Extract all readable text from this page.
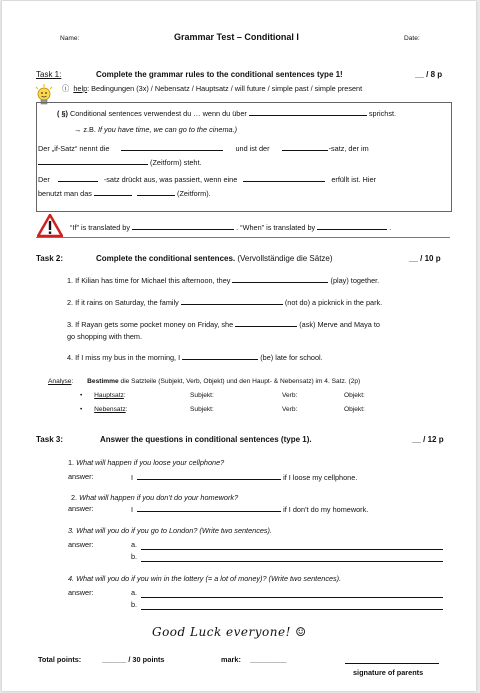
Name:	Grammar Test – Conditional I	Date:
Task 1:	Complete the grammar rules to the conditional sentences type 1!	__ / 8 p
ⓘ help: Bedingungen (3x) / Nebensatz / Hauptsatz / will future / simple past / simple present
( §) Conditional sentences verwendest du … wenn du über	sprichst.
→ z.B. If you have time, we can go to the cinema.)
Der „if-Satz“ nennt die	und ist der	-satz, der im
(Zeitform) steht.
Der	-satz drückt aus, was passiert, wenn eine	erfüllt ist. Hier
benutzt man das	(Zeitform).
“If” is translated by	. “When” is translated by	.
Task 2:	Complete the conditional sentences. (Vervollständige die Sätze)	__ / 10 p
1. If Kilian has time for Michael this afternoon, they	(play) together.
2. If it rains on Saturday, the family	(not do) a picknick in the park.
3. If Rayan gets some pocket money on Friday, she	(ask) Merve and Maya to
go shopping with them.
4. If I miss my bus in the morning, I	(be) late for school.
Analyse: Bestimme die Satzteile (Subjekt, Verb, Objekt) und den Haupt- & Nebensatz) im 4. Satz. (2p)
• Hauptsatz:	Subjekt:	Verb:	Objekt:
• Nebensatz:	Subjekt:	Verb:	Objekt:
Task 3:	Answer the questions in conditional sentences (type 1).	__ / 12 p
1. What will happen if you loose your cellphone?
answer:	I	if I loose my cellphone.
2. What will happen if you don’t do your homework?
answer:	I	if I don’t do my homework.
3. What will you do if you go to London? (Write two sentences).
answer:	a.
b.
4. What will you do if you win in the lottery (= a lot of money)? (Write two sentences).
answer:	a.
b.
Good Luck everyone! ☺
Total points:	______ / 30 points	mark: _________
signature of parents
